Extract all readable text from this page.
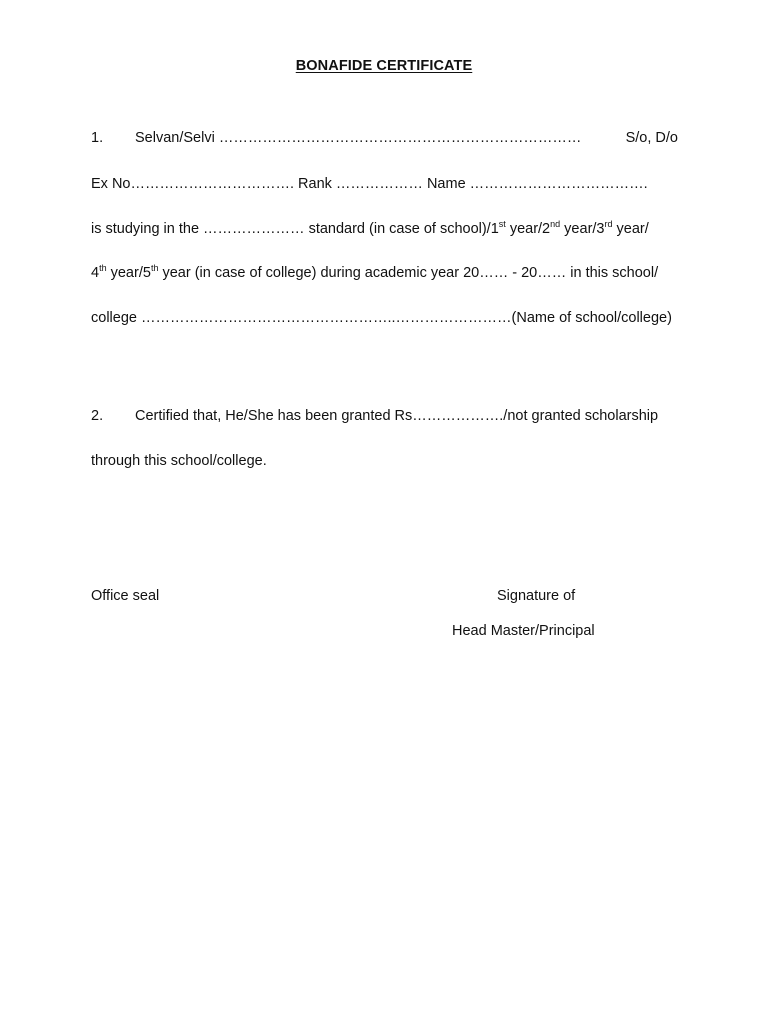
BONAFIDE CERTIFICATE
1. Selvan/Selvi …………………………………………………………………	S/o, D/o
Ex No……………………………. Rank ……………… Name ……………………………….
is studying in the ………………… standard (in case of school)/1st year/2nd year/3rd year/
4th year/5th year (in case of college) during academic year 20…… - 20…… in this school/
college ……………………………………………..……………………(Name of school/college)
2. Certified that, He/She has been granted Rs………………./not granted scholarship
through this school/college.
Office seal	Signature of
Head Master/Principal
